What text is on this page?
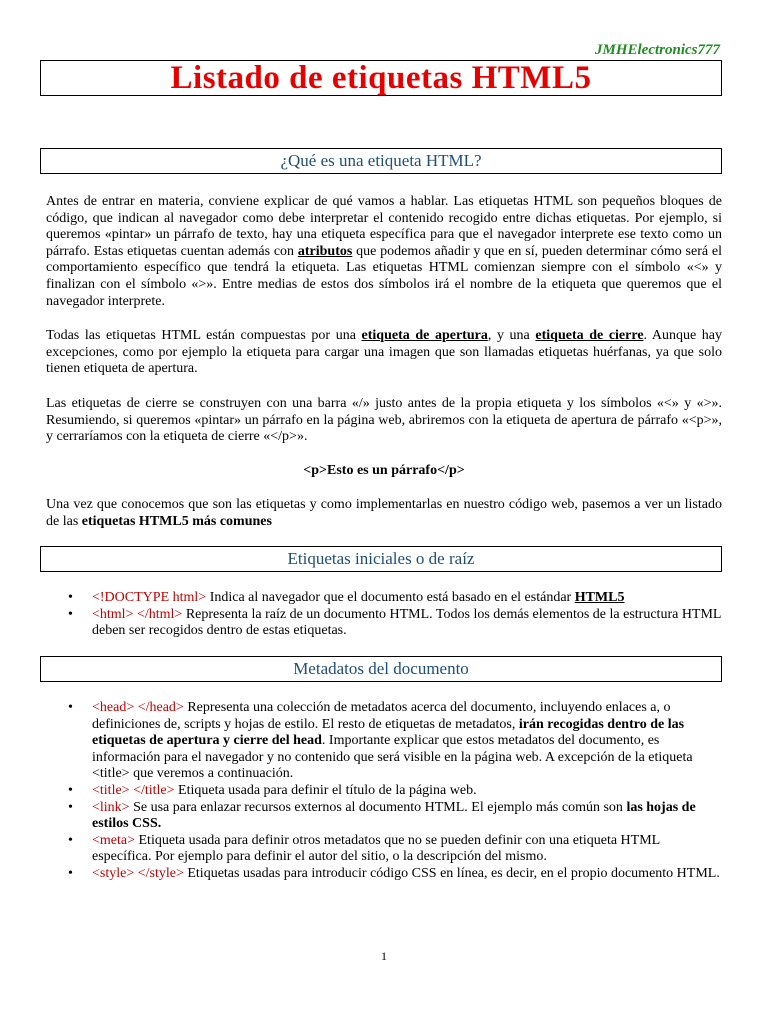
JMHElectronics777
Listado de etiquetas HTML5
¿Qué es una etiqueta HTML?

Antes de entrar en materia, conviene explicar de qué vamos a hablar. Las etiquetas HTML son pequeños bloques de código, que indican al navegador como debe interpretar el contenido recogido entre dichas etiquetas. Por ejemplo, si queremos «pintar» un párrafo de texto, hay una etiqueta específica para que el navegador interprete ese texto como un párrafo. Estas etiquetas cuentan además con atributos que podemos añadir y que en sí, pueden determinar cómo será el comportamiento específico que tendrá la etiqueta. Las etiquetas HTML comienzan siempre con el símbolo «<» y finalizan con el símbolo «>». Entre medias de estos dos símbolos irá el nombre de la etiqueta que queremos que el navegador interprete.

Todas las etiquetas HTML están compuestas por una etiqueta de apertura, y una etiqueta de cierre. Aunque hay excepciones, como por ejemplo la etiqueta para cargar una imagen que son llamadas etiquetas huérfanas, ya que solo tienen etiqueta de apertura.

Las etiquetas de cierre se construyen con una barra «/» justo antes de la propia etiqueta y los símbolos «<» y «>». Resumiendo, si queremos «pintar» un párrafo en la página web, abriremos con la etiqueta de apertura de párrafo «<p>», y cerraríamos con la etiqueta de cierre «</p>».

<p>Esto es un párrafo</p>

Una vez que conocemos que son las etiquetas y como implementarlas en nuestro código web, pasemos a ver un listado de las etiquetas HTML5 más comunes

Etiquetas iniciales o de raíz
• <!DOCTYPE html> Indica al navegador que el documento está basado en el estándar HTML5
• <html> </html> Representa la raíz de un documento HTML. Todos los demás elementos de la estructura HTML deben ser recogidos dentro de estas etiquetas.
Metadatos del documento
• <head> </head> Representa una colección de metadatos acerca del documento, incluyendo enlaces a, o definiciones de, scripts y hojas de estilo. El resto de etiquetas de metadatos, irán recogidas dentro de las etiquetas de apertura y cierre del head. Importante explicar que estos metadatos del documento, es información para el navegador y no contenido que será visible en la página web. A excepción de la etiqueta <title> que veremos a continuación.
• <title> </title> Etiqueta usada para definir el título de la página web.
• <link> Se usa para enlazar recursos externos al documento HTML. El ejemplo más común son las hojas de estilos CSS.
• <meta> Etiqueta usada para definir otros metadatos que no se pueden definir con una etiqueta HTML específica. Por ejemplo para definir el autor del sitio, o la descripción del mismo.
• <style> </style> Etiquetas usadas para introducir código CSS en línea, es decir, en el propio documento HTML.
1
